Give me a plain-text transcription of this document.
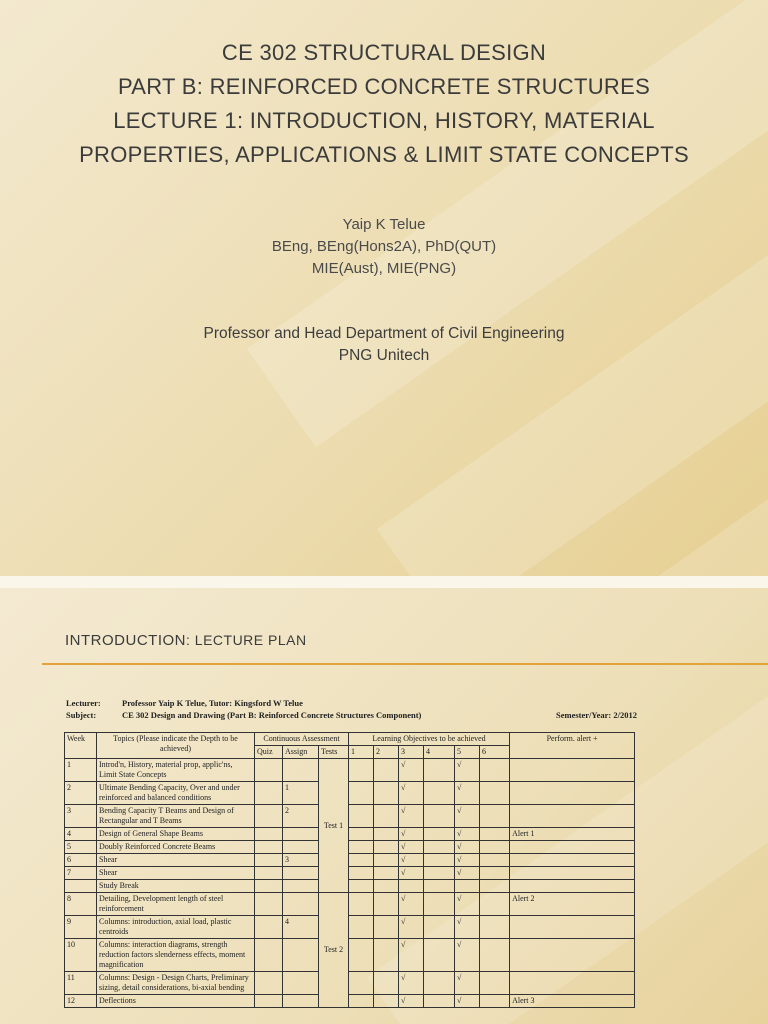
CE 302 STRUCTURAL DESIGN
PART B: REINFORCED CONCRETE STRUCTURES
LECTURE 1: INTRODUCTION, HISTORY, MATERIAL
PROPERTIES, APPLICATIONS & LIMIT STATE CONCEPTS
Yaip K Telue
BEng, BEng(Hons2A), PhD(QUT)
MIE(Aust), MIE(PNG)
Professor and Head Department of Civil Engineering
PNG Unitech
INTRODUCTION: LECTURE PLAN
Lecturer: Professor Yaip K Telue, Tutor: Kingsford W Telue
Subject:	CE 302 Design and Drawing (Part B: Reinforced Concrete Structures Component)	Semester/Year: 2/2012
Week	Topics (Please indicate the Depth to be achieved)	Continuous Assessment			Learning Objectives to be achieved						Perform. alert +
		Quiz	Assign	Tests	1	2	3	4	5	6	
1	Introd'n, History, material prop, applic'ns, Limit State Concepts			Test 1			√		√		
2	Ultimate Bending Capacity, Over and under reinforced and balanced conditions		1				√		√		
3	Bending Capacity T Beams and Design of Rectangular and T Beams		2				√		√		
4	Design of General Shape Beams						√		√		Alert 1
5	Doubly Reinforced Concrete Beams						√		√		
6	Shear		3				√		√		
7	Shear						√		√		
	Study Break										
8	Detailing, Development length of steel reinforcement			Test 2			√		√		Alert 2
9	Columns: introduction, axial load, plastic centroids		4				√		√		
10	Columns: interaction diagrams, strength reduction factors slenderness effects, moment magnification						√		√		
11	Columns: Design - Design Charts, Preliminary sizing, detail considerations, bi-axial bending						√		√		
12	Deflections						√		√		Alert 3
